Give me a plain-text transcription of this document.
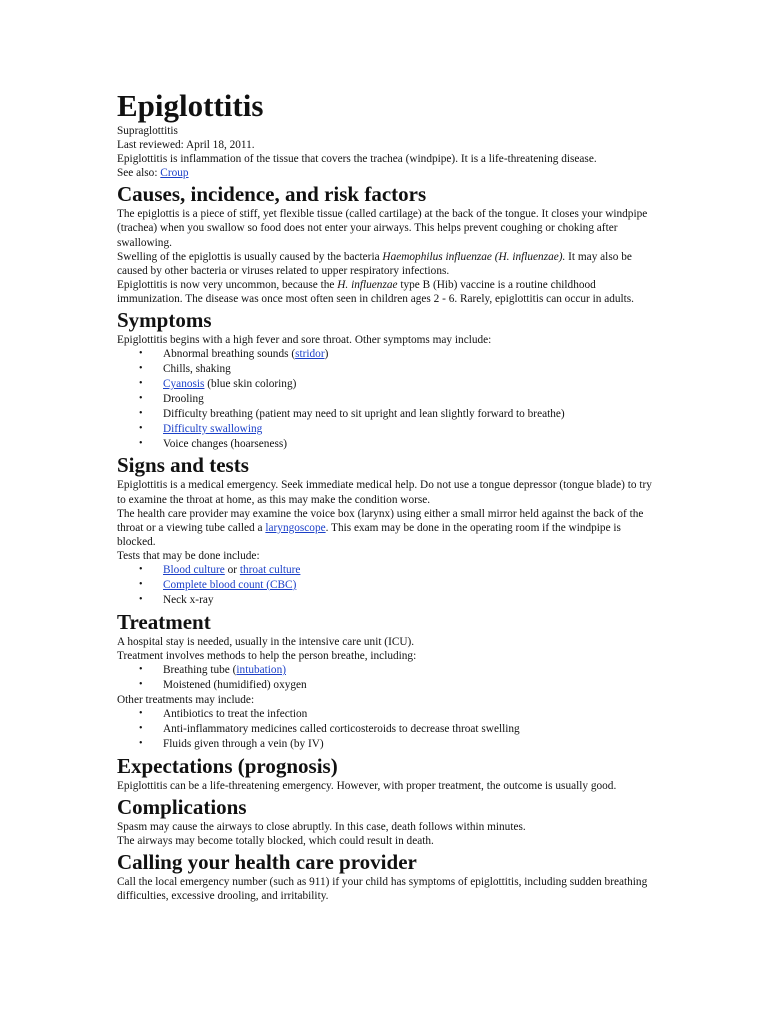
Epiglottitis

Supraglottitis

Last reviewed: April 18, 2011.

Epiglottitis is inflammation of the tissue that covers the trachea (windpipe). It is a life-threatening disease.

See also: Croup

Causes, incidence, and risk factors

The epiglottis is a piece of stiff, yet flexible tissue (called cartilage) at the back of the tongue. It closes your windpipe (trachea) when you swallow so food does not enter your airways. This helps prevent coughing or choking after swallowing.

Swelling of the epiglottis is usually caused by the bacteria Haemophilus influenzae (H. influenzae). It may also be caused by other bacteria or viruses related to upper respiratory infections.

Epiglottitis is now very uncommon, because the H. influenzae type B (Hib) vaccine is a routine childhood immunization. The disease was once most often seen in children ages 2 - 6. Rarely, epiglottitis can occur in adults.

Symptoms

Epiglottitis begins with a high fever and sore throat. Other symptoms may include:

• Abnormal breathing sounds (stridor)
• Chills, shaking
• Cyanosis (blue skin coloring)
• Drooling
• Difficulty breathing (patient may need to sit upright and lean slightly forward to breathe)
• Difficulty swallowing
• Voice changes (hoarseness)
Signs and tests

Epiglottitis is a medical emergency. Seek immediate medical help. Do not use a tongue depressor (tongue blade) to try to examine the throat at home, as this may make the condition worse.

The health care provider may examine the voice box (larynx) using either a small mirror held against the back of the throat or a viewing tube called a laryngoscope. This exam may be done in the operating room if the windpipe is blocked.

Tests that may be done include:

• Blood culture or throat culture
• Complete blood count (CBC)
• Neck x-ray
Treatment

A hospital stay is needed, usually in the intensive care unit (ICU).

Treatment involves methods to help the person breathe, including:

• Breathing tube (intubation)
• Moistened (humidified) oxygen

Other treatments may include:

• Antibiotics to treat the infection
• Anti-inflammatory medicines called corticosteroids to decrease throat swelling
• Fluids given through a vein (by IV)
Expectations (prognosis)

Epiglottitis can be a life-threatening emergency. However, with proper treatment, the outcome is usually good.

Complications

Spasm may cause the airways to close abruptly. In this case, death follows within minutes.

The airways may become totally blocked, which could result in death.

Calling your health care provider

Call the local emergency number (such as 911) if your child has symptoms of epiglottitis, including sudden breathing difficulties, excessive drooling, and irritability.
